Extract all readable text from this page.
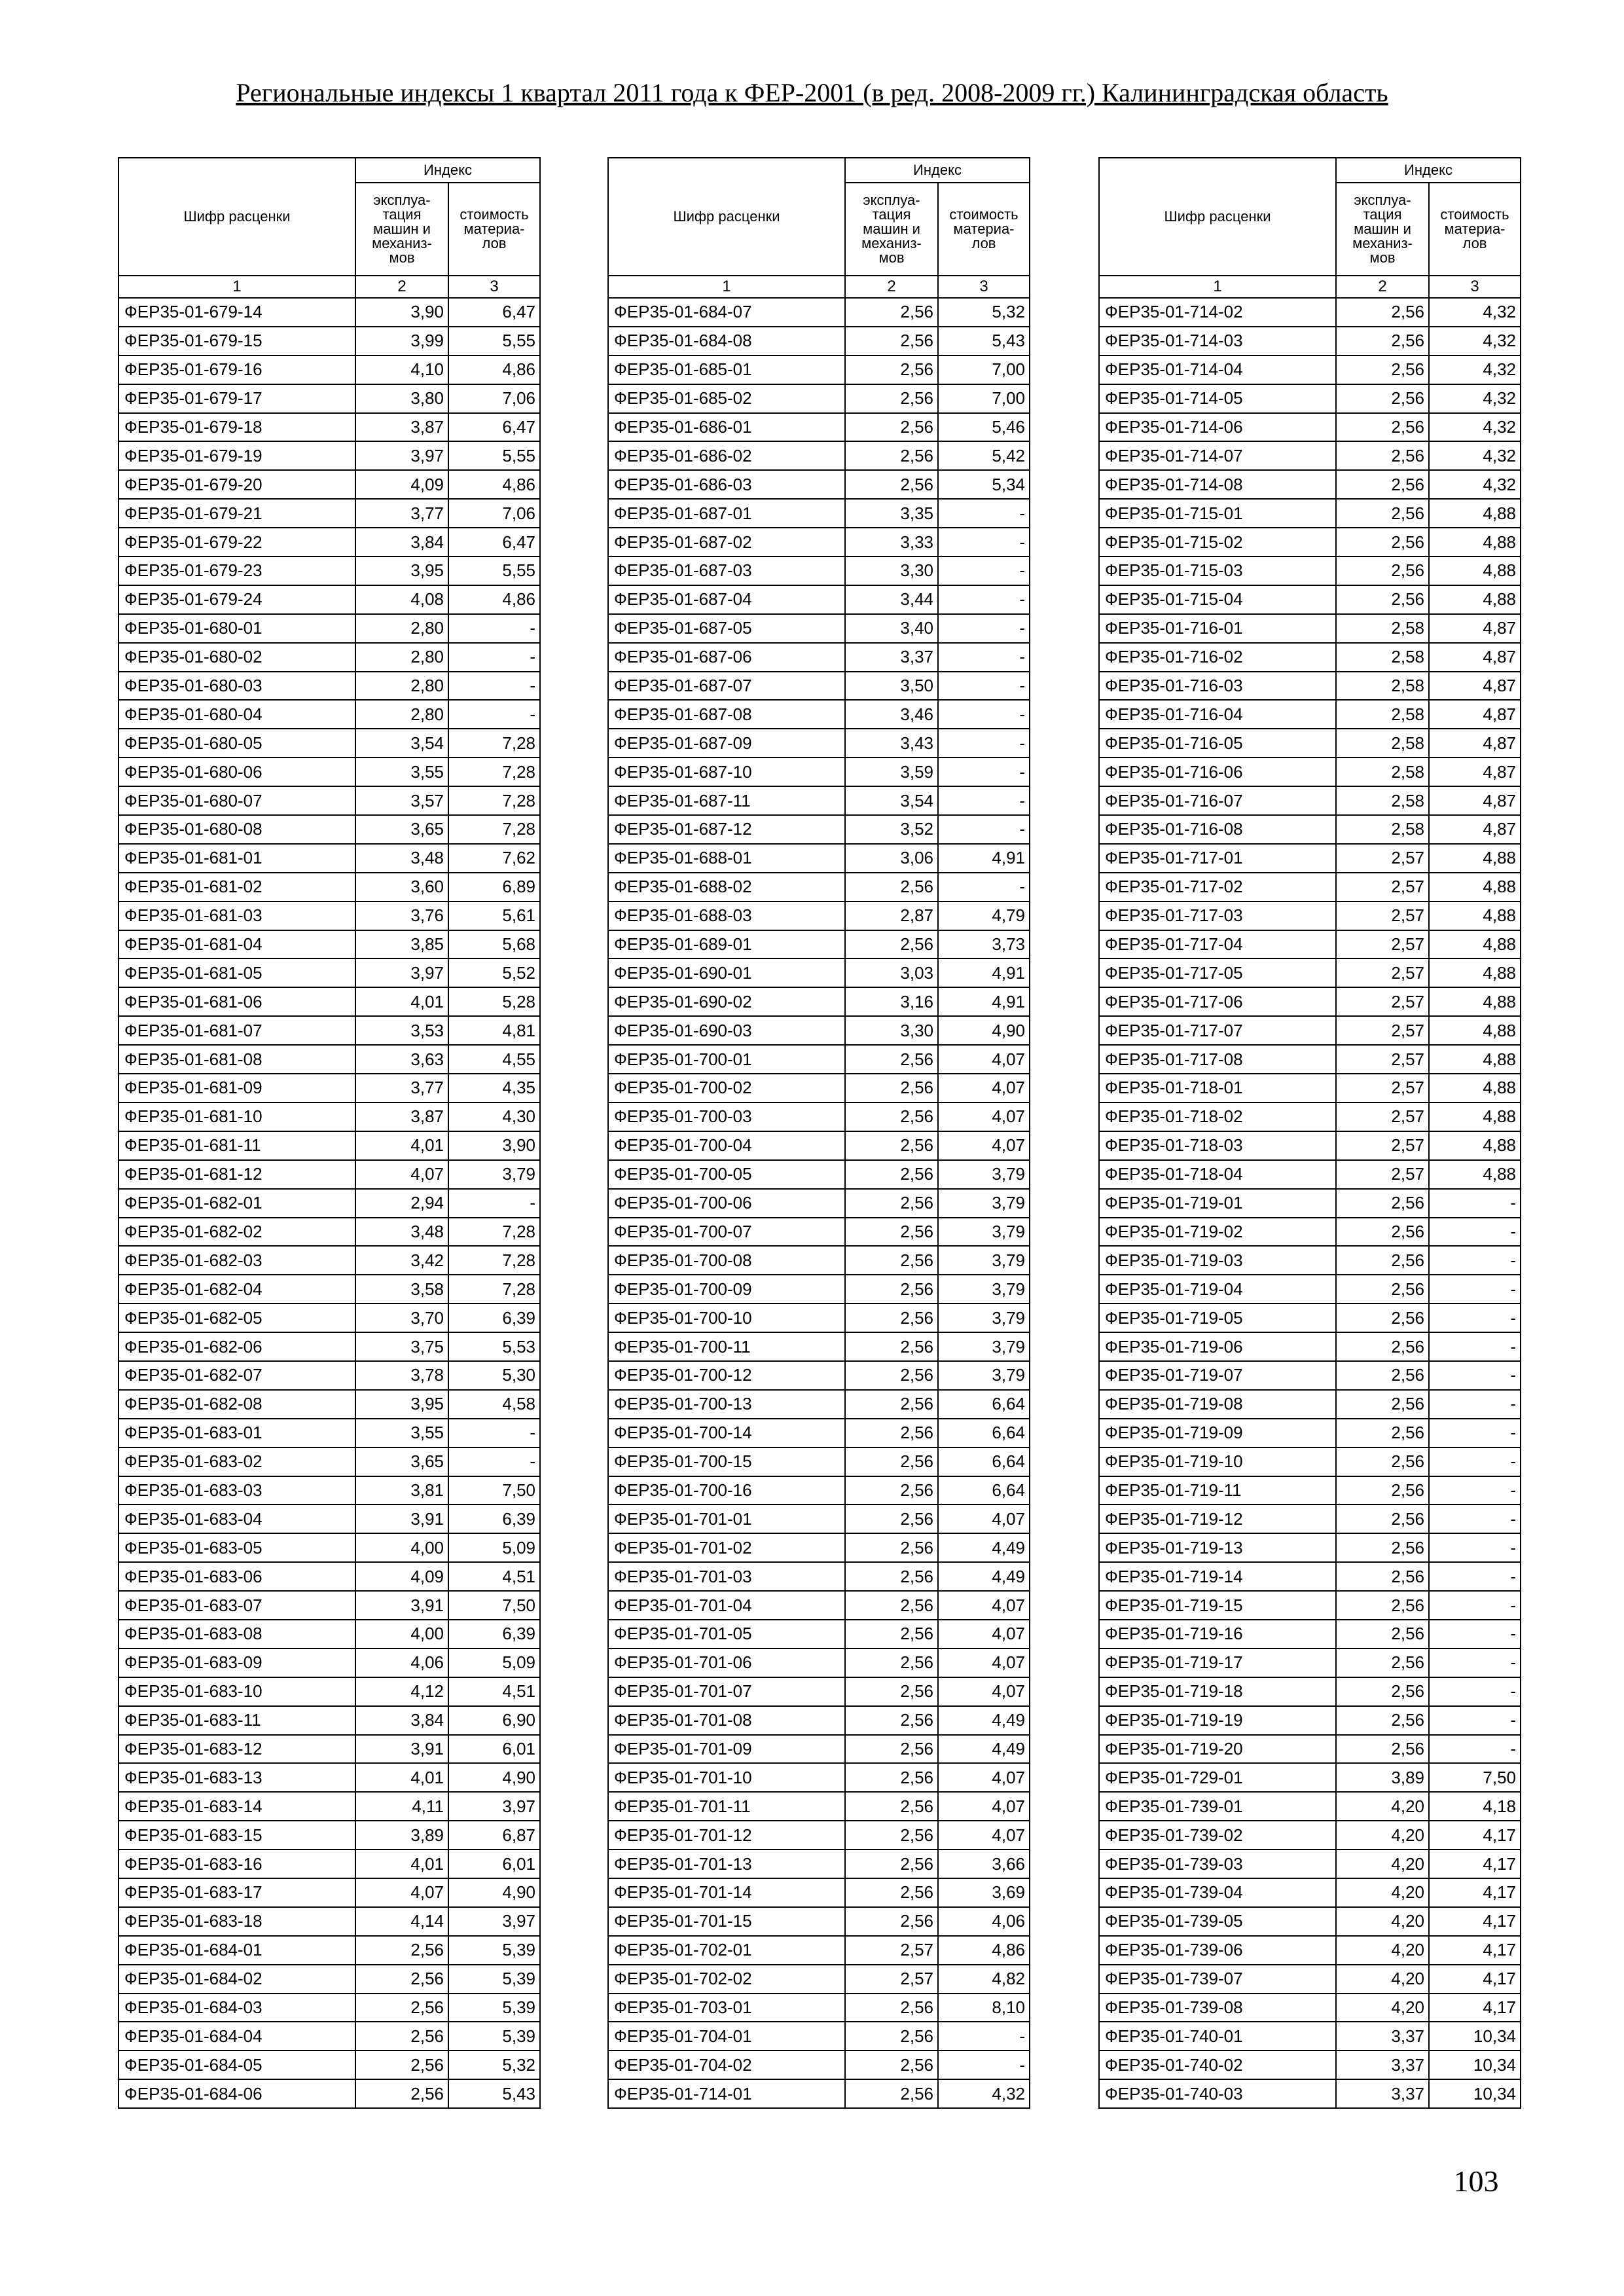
Региональные индексы 1 квартал 2011 года к ФЕР-2001 (в ред. 2008-2009 гг.) Калининградская область
Шифр расценки	Индекс	
	эксплуа-
тация
машин и
механиз-
мов	стоимость
материа-
лов
1	2	3
ФЕР35-01-679-14	3,90	6,47
ФЕР35-01-679-15	3,99	5,55
ФЕР35-01-679-16	4,10	4,86
ФЕР35-01-679-17	3,80	7,06
ФЕР35-01-679-18	3,87	6,47
ФЕР35-01-679-19	3,97	5,55
ФЕР35-01-679-20	4,09	4,86
ФЕР35-01-679-21	3,77	7,06
ФЕР35-01-679-22	3,84	6,47
ФЕР35-01-679-23	3,95	5,55
ФЕР35-01-679-24	4,08	4,86
ФЕР35-01-680-01	2,80	-
ФЕР35-01-680-02	2,80	-
ФЕР35-01-680-03	2,80	-
ФЕР35-01-680-04	2,80	-
ФЕР35-01-680-05	3,54	7,28
ФЕР35-01-680-06	3,55	7,28
ФЕР35-01-680-07	3,57	7,28
ФЕР35-01-680-08	3,65	7,28
ФЕР35-01-681-01	3,48	7,62
ФЕР35-01-681-02	3,60	6,89
ФЕР35-01-681-03	3,76	5,61
ФЕР35-01-681-04	3,85	5,68
ФЕР35-01-681-05	3,97	5,52
ФЕР35-01-681-06	4,01	5,28
ФЕР35-01-681-07	3,53	4,81
ФЕР35-01-681-08	3,63	4,55
ФЕР35-01-681-09	3,77	4,35
ФЕР35-01-681-10	3,87	4,30
ФЕР35-01-681-11	4,01	3,90
ФЕР35-01-681-12	4,07	3,79
ФЕР35-01-682-01	2,94	-
ФЕР35-01-682-02	3,48	7,28
ФЕР35-01-682-03	3,42	7,28
ФЕР35-01-682-04	3,58	7,28
ФЕР35-01-682-05	3,70	6,39
ФЕР35-01-682-06	3,75	5,53
ФЕР35-01-682-07	3,78	5,30
ФЕР35-01-682-08	3,95	4,58
ФЕР35-01-683-01	3,55	-
ФЕР35-01-683-02	3,65	-
ФЕР35-01-683-03	3,81	7,50
ФЕР35-01-683-04	3,91	6,39
ФЕР35-01-683-05	4,00	5,09
ФЕР35-01-683-06	4,09	4,51
ФЕР35-01-683-07	3,91	7,50
ФЕР35-01-683-08	4,00	6,39
ФЕР35-01-683-09	4,06	5,09
ФЕР35-01-683-10	4,12	4,51
ФЕР35-01-683-11	3,84	6,90
ФЕР35-01-683-12	3,91	6,01
ФЕР35-01-683-13	4,01	4,90
ФЕР35-01-683-14	4,11	3,97
ФЕР35-01-683-15	3,89	6,87
ФЕР35-01-683-16	4,01	6,01
ФЕР35-01-683-17	4,07	4,90
ФЕР35-01-683-18	4,14	3,97
ФЕР35-01-684-01	2,56	5,39
ФЕР35-01-684-02	2,56	5,39
ФЕР35-01-684-03	2,56	5,39
ФЕР35-01-684-04	2,56	5,39
ФЕР35-01-684-05	2,56	5,32
ФЕР35-01-684-06	2,56	5,43
Шифр расценки	Индекс	
	эксплуа-
тация
машин и
механиз-
мов	стоимость
материа-
лов
1	2	3
ФЕР35-01-684-07	2,56	5,32
ФЕР35-01-684-08	2,56	5,43
ФЕР35-01-685-01	2,56	7,00
ФЕР35-01-685-02	2,56	7,00
ФЕР35-01-686-01	2,56	5,46
ФЕР35-01-686-02	2,56	5,42
ФЕР35-01-686-03	2,56	5,34
ФЕР35-01-687-01	3,35	-
ФЕР35-01-687-02	3,33	-
ФЕР35-01-687-03	3,30	-
ФЕР35-01-687-04	3,44	-
ФЕР35-01-687-05	3,40	-
ФЕР35-01-687-06	3,37	-
ФЕР35-01-687-07	3,50	-
ФЕР35-01-687-08	3,46	-
ФЕР35-01-687-09	3,43	-
ФЕР35-01-687-10	3,59	-
ФЕР35-01-687-11	3,54	-
ФЕР35-01-687-12	3,52	-
ФЕР35-01-688-01	3,06	4,91
ФЕР35-01-688-02	2,56	-
ФЕР35-01-688-03	2,87	4,79
ФЕР35-01-689-01	2,56	3,73
ФЕР35-01-690-01	3,03	4,91
ФЕР35-01-690-02	3,16	4,91
ФЕР35-01-690-03	3,30	4,90
ФЕР35-01-700-01	2,56	4,07
ФЕР35-01-700-02	2,56	4,07
ФЕР35-01-700-03	2,56	4,07
ФЕР35-01-700-04	2,56	4,07
ФЕР35-01-700-05	2,56	3,79
ФЕР35-01-700-06	2,56	3,79
ФЕР35-01-700-07	2,56	3,79
ФЕР35-01-700-08	2,56	3,79
ФЕР35-01-700-09	2,56	3,79
ФЕР35-01-700-10	2,56	3,79
ФЕР35-01-700-11	2,56	3,79
ФЕР35-01-700-12	2,56	3,79
ФЕР35-01-700-13	2,56	6,64
ФЕР35-01-700-14	2,56	6,64
ФЕР35-01-700-15	2,56	6,64
ФЕР35-01-700-16	2,56	6,64
ФЕР35-01-701-01	2,56	4,07
ФЕР35-01-701-02	2,56	4,49
ФЕР35-01-701-03	2,56	4,49
ФЕР35-01-701-04	2,56	4,07
ФЕР35-01-701-05	2,56	4,07
ФЕР35-01-701-06	2,56	4,07
ФЕР35-01-701-07	2,56	4,07
ФЕР35-01-701-08	2,56	4,49
ФЕР35-01-701-09	2,56	4,49
ФЕР35-01-701-10	2,56	4,07
ФЕР35-01-701-11	2,56	4,07
ФЕР35-01-701-12	2,56	4,07
ФЕР35-01-701-13	2,56	3,66
ФЕР35-01-701-14	2,56	3,69
ФЕР35-01-701-15	2,56	4,06
ФЕР35-01-702-01	2,57	4,86
ФЕР35-01-702-02	2,57	4,82
ФЕР35-01-703-01	2,56	8,10
ФЕР35-01-704-01	2,56	-
ФЕР35-01-704-02	2,56	-
ФЕР35-01-714-01	2,56	4,32
Шифр расценки	Индекс	
	эксплуа-
тация
машин и
механиз-
мов	стоимость
материа-
лов
1	2	3
ФЕР35-01-714-02	2,56	4,32
ФЕР35-01-714-03	2,56	4,32
ФЕР35-01-714-04	2,56	4,32
ФЕР35-01-714-05	2,56	4,32
ФЕР35-01-714-06	2,56	4,32
ФЕР35-01-714-07	2,56	4,32
ФЕР35-01-714-08	2,56	4,32
ФЕР35-01-715-01	2,56	4,88
ФЕР35-01-715-02	2,56	4,88
ФЕР35-01-715-03	2,56	4,88
ФЕР35-01-715-04	2,56	4,88
ФЕР35-01-716-01	2,58	4,87
ФЕР35-01-716-02	2,58	4,87
ФЕР35-01-716-03	2,58	4,87
ФЕР35-01-716-04	2,58	4,87
ФЕР35-01-716-05	2,58	4,87
ФЕР35-01-716-06	2,58	4,87
ФЕР35-01-716-07	2,58	4,87
ФЕР35-01-716-08	2,58	4,87
ФЕР35-01-717-01	2,57	4,88
ФЕР35-01-717-02	2,57	4,88
ФЕР35-01-717-03	2,57	4,88
ФЕР35-01-717-04	2,57	4,88
ФЕР35-01-717-05	2,57	4,88
ФЕР35-01-717-06	2,57	4,88
ФЕР35-01-717-07	2,57	4,88
ФЕР35-01-717-08	2,57	4,88
ФЕР35-01-718-01	2,57	4,88
ФЕР35-01-718-02	2,57	4,88
ФЕР35-01-718-03	2,57	4,88
ФЕР35-01-718-04	2,57	4,88
ФЕР35-01-719-01	2,56	-
ФЕР35-01-719-02	2,56	-
ФЕР35-01-719-03	2,56	-
ФЕР35-01-719-04	2,56	-
ФЕР35-01-719-05	2,56	-
ФЕР35-01-719-06	2,56	-
ФЕР35-01-719-07	2,56	-
ФЕР35-01-719-08	2,56	-
ФЕР35-01-719-09	2,56	-
ФЕР35-01-719-10	2,56	-
ФЕР35-01-719-11	2,56	-
ФЕР35-01-719-12	2,56	-
ФЕР35-01-719-13	2,56	-
ФЕР35-01-719-14	2,56	-
ФЕР35-01-719-15	2,56	-
ФЕР35-01-719-16	2,56	-
ФЕР35-01-719-17	2,56	-
ФЕР35-01-719-18	2,56	-
ФЕР35-01-719-19	2,56	-
ФЕР35-01-719-20	2,56	-
ФЕР35-01-729-01	3,89	7,50
ФЕР35-01-739-01	4,20	4,18
ФЕР35-01-739-02	4,20	4,17
ФЕР35-01-739-03	4,20	4,17
ФЕР35-01-739-04	4,20	4,17
ФЕР35-01-739-05	4,20	4,17
ФЕР35-01-739-06	4,20	4,17
ФЕР35-01-739-07	4,20	4,17
ФЕР35-01-739-08	4,20	4,17
ФЕР35-01-740-01	3,37	10,34
ФЕР35-01-740-02	3,37	10,34
ФЕР35-01-740-03	3,37	10,34
103
